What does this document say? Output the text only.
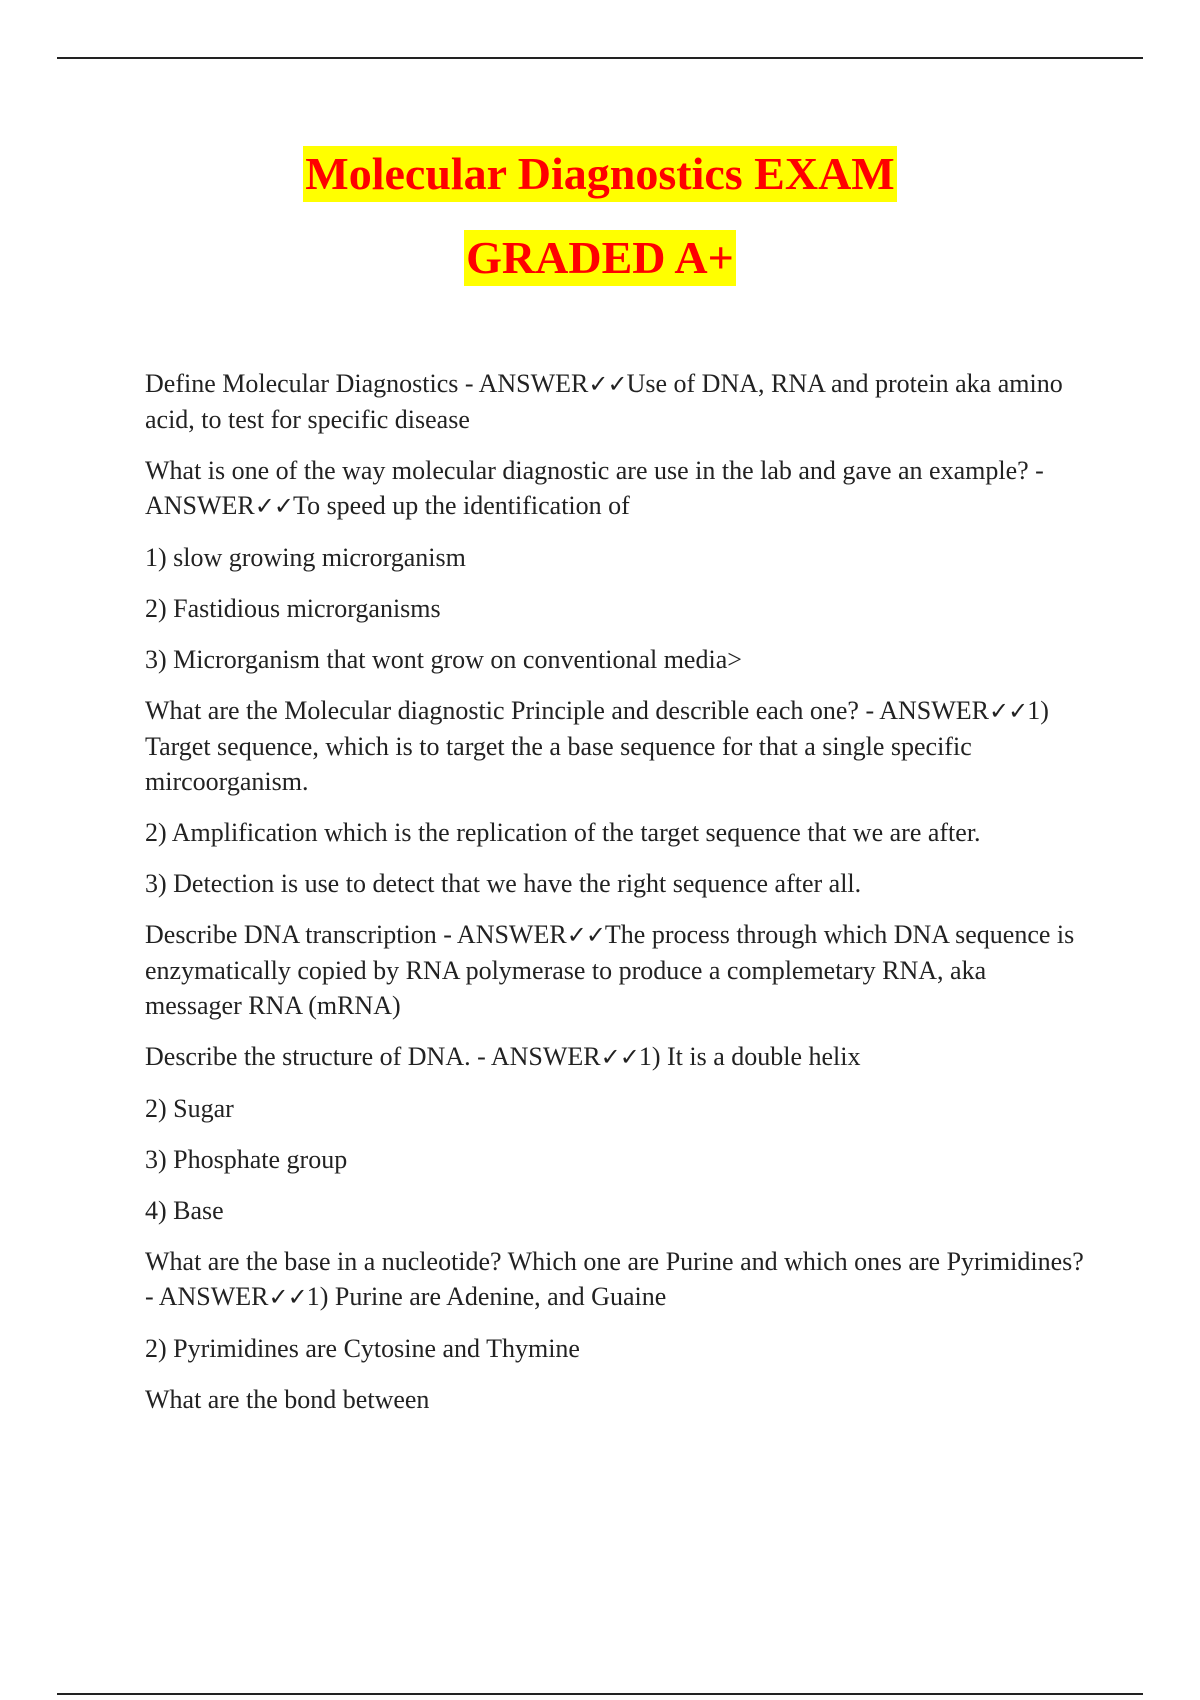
Molecular Diagnostics EXAM
GRADED A+

Define Molecular Diagnostics - ANSWER✓✓Use of DNA, RNA and protein aka amino acid, to test for specific disease

What is one of the way molecular diagnostic are use in the lab and gave an example? - ANSWER✓✓To speed up the identification of

1) slow growing microrganism

2) Fastidious microrganisms

3) Microrganism that wont grow on conventional media>

What are the Molecular diagnostic Principle and describle each one? - ANSWER✓✓1) Target sequence, which is to target the a base sequence for that a single specific mircoorganism.

2) Amplification which is the replication of the target sequence that we are after.

3) Detection is use to detect that we have the right sequence after all.

Describe DNA transcription - ANSWER✓✓The process through which DNA sequence is enzymatically copied by RNA polymerase to produce a complemetary RNA, aka messager RNA (mRNA)

Describe the structure of DNA. - ANSWER✓✓1) It is a double helix

2) Sugar

3) Phosphate group

4) Base

What are the base in a nucleotide? Which one are Purine and which ones are Pyrimidines? - ANSWER✓✓1) Purine are Adenine, and Guaine

2) Pyrimidines are Cytosine and Thymine

What are the bond between
